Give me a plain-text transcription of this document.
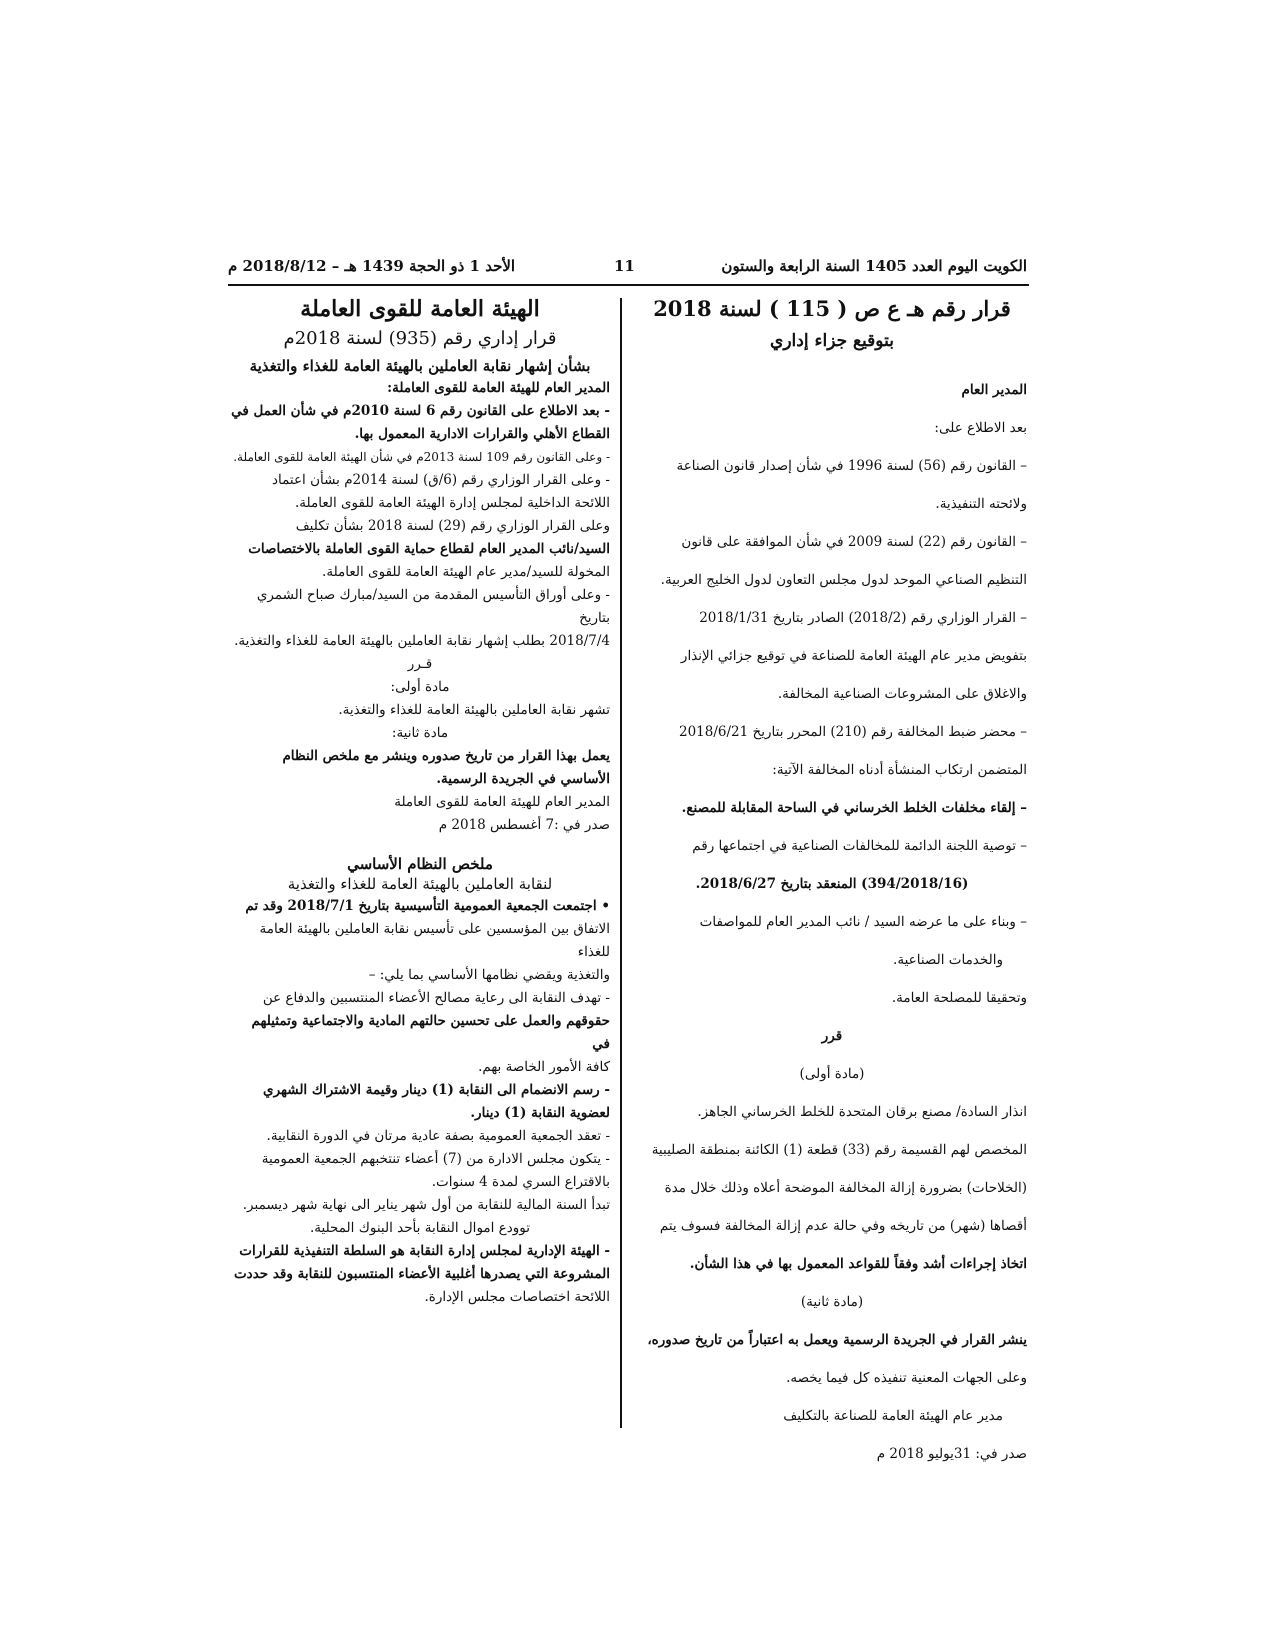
الكويت اليوم العدد 1405 السنة الرابعة والستون
11
الأحد 1 ذو الحجة 1439 هـ – 2018/8/12 م
قرار رقم هـ ع ص ( 115 ) لسنة 2018
بتوقيع جزاء إداري

المدير العام

بعد الاطلاع على:

– القانون رقم (56) لسنة 1996 في شأن إصدار قانون الصناعة

ولائحته التنفيذية.

– القانون رقم (22) لسنة 2009 في شأن الموافقة على قانون

التنظيم الصناعي الموحد لدول مجلس التعاون لدول الخليج العربية.

– القرار الوزاري رقم (2018/2) الصادر بتاريخ 2018/1/31

بتفويض مدير عام الهيئة العامة للصناعة في توقيع جزائي الإنذار

والاغلاق على المشروعات الصناعية المخالفة.

– محضر ضبط المخالفة رقم (210) المحرر بتاريخ 2018/6/21

المتضمن ارتكاب المنشأة أدناه المخالفة الآتية:

– إلقاء مخلفات الخلط الخرساني في الساحة المقابلة للمصنع.

– توصية اللجنة الدائمة للمخالفات الصناعية في اجتماعها رقم

(394/2018/16) المنعقد بتاريخ 2018/6/27.

– وبناء على ما عرضه السيد / نائب المدير العام للمواصفات

والخدمات الصناعية.

وتحقيقا للمصلحة العامة.

قرر

(مادة أولى)

انذار السادة/ مصنع برقان المتحدة للخلط الخرساني الجاهز.

المخصص لهم القسيمة رقم (33) قطعة (1) الكائنة بمنطقة الصليبية

(الخلاحات) بضرورة إزالة المخالفة الموضحة أعلاه وذلك خلال مدة

أقصاها (شهر) من تاريخه وفي حالة عدم إزالة المخالفة فسوف يتم

اتخاذ إجراءات أشد وفقاً للقواعد المعمول بها في هذا الشأن.

(مادة ثانية)

ينشر القرار في الجريدة الرسمية ويعمل به اعتباراً من تاريخ صدوره،

وعلى الجهات المعنية تنفيذه كل فيما يخصه.

مدير عام الهيئة العامة للصناعة بالتكليف

صدر في: 31يوليو 2018 م

الهيئة العامة للقوى العاملة
قرار إداري رقم (935) لسنة 2018م
بشأن إشهار نقابة العاملين بالهيئة العامة للغذاء والتغذية

المدير العام للهيئة العامة للقوى العاملة:

- بعد الاطلاع على القانون رقم 6 لسنة 2010م في شأن العمل في

القطاع الأهلي والقرارات الادارية المعمول بها.

- وعلى القانون رقم 109 لسنة 2013م في شأن الهيئة العامة للقوى العاملة.

- وعلى القرار الوزاري رقم (6/ق) لسنة 2014م بشأن اعتماد

اللائحة الداخلية لمجلس إدارة الهيئة العامة للقوى العاملة.

وعلى القرار الوزاري رقم (29) لسنة 2018 بشأن تكليف

السيد/نائب المدير العام لقطاع حماية القوى العاملة بالاختصاصات

المخولة للسيد/مدير عام الهيئة العامة للقوى العاملة.

- وعلى أوراق التأسيس المقدمة من السيد/مبارك صباح الشمري بتاريخ

2018/7/4 بطلب إشهار نقابة العاملين بالهيئة العامة للغذاء والتغذية.

قـرر

مادة أولى:

تشهر نقابة العاملين بالهيئة العامة للغذاء والتغذية.

مادة ثانية:

يعمل بهذا القرار من تاريخ صدوره وينشر مع ملخص النظام

الأساسي في الجريدة الرسمية.

المدير العام للهيئة العامة للقوى العاملة

صدر في :7 أغسطس 2018 م

ملخص النظام الأساسي
لنقابة العاملين بالهيئة العامة للغذاء والتغذية

• اجتمعت الجمعية العمومية التأسيسية بتاريخ 2018/7/1 وقد تم

الاتفاق بين المؤسسين على تأسيس نقابة العاملين بالهيئة العامة للغذاء

والتغذية ويقضي نظامها الأساسي بما يلي: –

- تهدف النقابة الى رعاية مصالح الأعضاء المنتسبين والدفاع عن

حقوقهم والعمل على تحسين حالتهم المادية والاجتماعية وتمثيلهم في

كافة الأمور الخاصة بهم.

- رسم الانضمام الى النقابة (1) دينار وقيمة الاشتراك الشهري

لعضوية النقابة (1) دينار.

- تعقد الجمعية العمومية بصفة عادية مرتان في الدورة النقابية.

- يتكون مجلس الادارة من (7) أعضاء تنتخبهم الجمعية العمومية

بالاقتراع السري لمدة 4 سنوات.

تبدأ السنة المالية للنقابة من أول شهر يناير الى نهاية شهر ديسمبر.

توودع اموال النقابة بأحد البنوك المحلية.

- الهيئة الإدارية لمجلس إدارة النقابة هو السلطة التنفيذية للقرارات

المشروعة التي يصدرها أغلبية الأعضاء المنتسبون للنقابة وقد حددت

اللائحة اختصاصات مجلس الإدارة.
